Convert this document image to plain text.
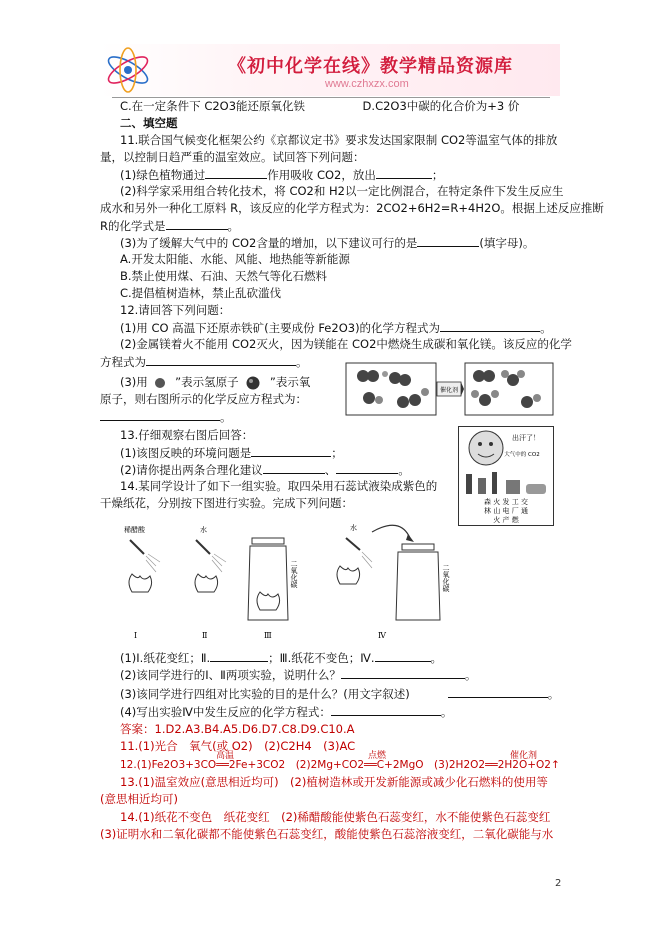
《初中化学在线》教学精品资源库
www.czhxzx.com
C.在一定条件下 C2O3能还原氧化铁　　　　　D.C2O3中碳的化合价为+3 价
二、填空题
11.联合国气候变化框架公约《京都议定书》要求发达国家限制 CO2等温室气体的排放
量，以控制日趋严重的温室效应。试回答下列问题：
(1)绿色植物通过	作用吸收 CO2，放出	；
(2)科学家采用组合转化技术，将 CO2和 H2以一定比例混合，在特定条件下发生反应生
成水和另外一种化工原料 R，该反应的化学方程式为：2CO2+6H2=R+4H2O。根据上述反应推断
R的化学式是	。
(3)为了缓解大气中的 CO2含量的增加，以下建议可行的是	(填字母)。
A.开发太阳能、水能、风能、地热能等新能源
B.禁止使用煤、石油、天然气等化石燃料
C.提倡植树造林，禁止乱砍滥伐
12.请回答下列问题：
(1)用 CO 高温下还原赤铁矿(主要成份 Fe2O3)的化学方程式为	。
(2)金属镁着火不能用 CO2灭火，因为镁能在 CO2中燃烧生成碳和氧化镁。该反应的化学
方程式为	。
(3)用 ”表示氢原子	”表示氧
原子，则右图所示的化学反应方程式为：
。
催化剂
13.仔细观察右图后回答：
(1)该图反映的环境问题是	；
(2)请你提出两条合理化建议	、	。
14.某同学设计了如下一组实验。取四朵用石蕊试液染成紫色的
干燥纸花，分别按下图进行实验。完成下列问题：
出汗了！
大气中的 CO2
森 火 发 工 交
林 山 电 厂 通
火 产 燃
稀醋酸
Ⅰ
水
Ⅱ
二氧化碳
Ⅲ
水
二氧化碳
Ⅳ
(1)Ⅰ.纸花变红；Ⅱ.	；Ⅲ.纸花不变色；Ⅳ.	。
(2)该同学进行的Ⅰ、Ⅱ两项实验，说明什么？	。
(3)该同学进行四组对比实验的目的是什么？(用文字叙述)	。
(4)写出实验Ⅳ中发生反应的化学方程式：	。
答案：1.D2.A3.B4.A5.D6.D7.C8.D9.C10.A
11.(1)光合　氧气(或 O2)　(2)C2H4　(3)AC
高温	点燃	催化剂
12.(1)Fe2O3+3CO══2Fe+3CO2　(2)2Mg+CO2══C+2MgO　(3)2H2O2══2H2O+O2↑
13.(1)温室效应(意思相近均可)　(2)植树造林或开发新能源或减少化石燃料的使用等
(意思相近均可)
14.(1)纸花不变色　纸花变红　(2)稀醋酸能使紫色石蕊变红，水不能使紫色石蕊变红
(3)证明水和二氧化碳都不能使紫色石蕊变红，酸能使紫色石蕊溶液变红，二氧化碳能与水
2
